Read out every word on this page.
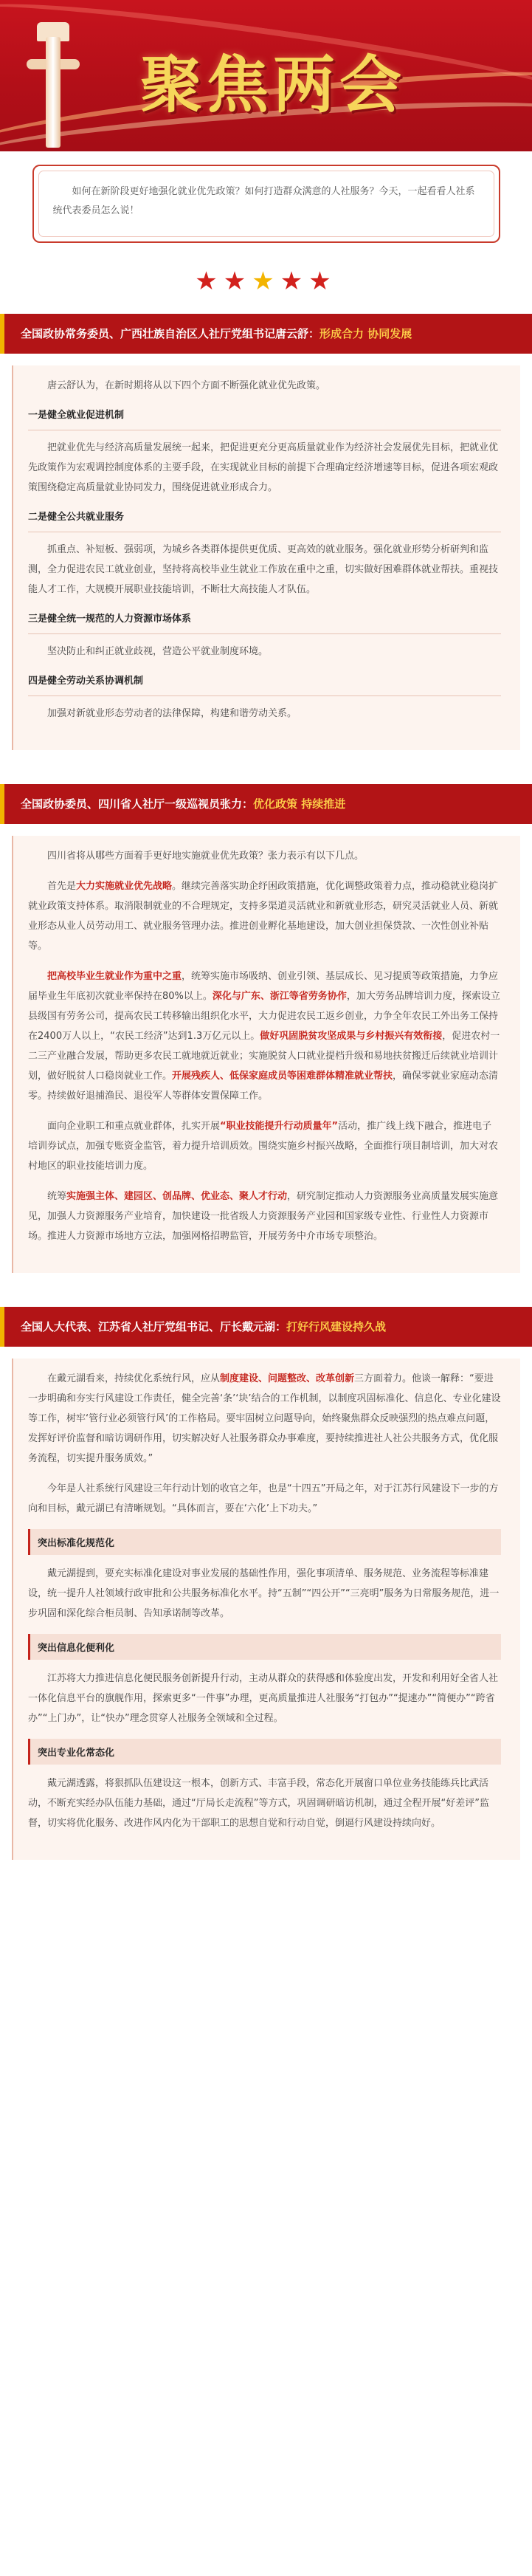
聚焦两会

如何在新阶段更好地强化就业优先政策？如何打造群众满意的人社服务？今天，一起看看人社系统代表委员怎么说！

★★★★★
全国政协常务委员、广西壮族自治区人社厅党组书记唐云舒：形成合力 协同发展

唐云舒认为，在新时期将从以下四个方面不断强化就业优先政策。

一是健全就业促进机制

把就业优先与经济高质量发展统一起来，把促进更充分更高质量就业作为经济社会发展优先目标，把就业优先政策作为宏观调控制度体系的主要手段，在实现就业目标的前提下合理确定经济增速等目标，促进各项宏观政策围绕稳定高质量就业协同发力，围绕促进就业形成合力。

二是健全公共就业服务

抓重点、补短板、强弱项，为城乡各类群体提供更优质、更高效的就业服务。强化就业形势分析研判和监测，全力促进农民工就业创业，坚持将高校毕业生就业工作放在重中之重，切实做好困难群体就业帮扶。重视技能人才工作，大规模开展职业技能培训，不断壮大高技能人才队伍。

三是健全统一规范的人力资源市场体系

坚决防止和纠正就业歧视，营造公平就业制度环境。

四是健全劳动关系协调机制

加强对新就业形态劳动者的法律保障，构建和谐劳动关系。

全国政协委员、四川省人社厅一级巡视员张力：优化政策 持续推进

四川省将从哪些方面着手更好地实施就业优先政策？张力表示有以下几点。

首先是大力实施就业优先战略。继续完善落实助企纾困政策措施，优化调整政策着力点，推动稳就业稳岗扩就业政策支持体系。取消限制就业的不合理规定，支持多渠道灵活就业和新就业形态，研究灵活就业人员、新就业形态从业人员劳动用工、就业服务管理办法。推进创业孵化基地建设，加大创业担保贷款、一次性创业补贴等。

把高校毕业生就业作为重中之重，统筹实施市场吸纳、创业引领、基层成长、见习提质等政策措施，力争应届毕业生年底初次就业率保持在80%以上。深化与广东、浙江等省劳务协作，加大劳务品牌培训力度，探索设立县级国有劳务公司，提高农民工转移输出组织化水平，大力促进农民工返乡创业，力争全年农民工外出务工保持在2400万人以上，“农民工经济”达到1.3万亿元以上。做好巩固脱贫攻坚成果与乡村振兴有效衔接，促进农村一二三产业融合发展，帮助更多农民工就地就近就业；实施脱贫人口就业提档升级和易地扶贫搬迁后续就业培训计划，做好脱贫人口稳岗就业工作。开展残疾人、低保家庭成员等困难群体精准就业帮扶，确保零就业家庭动态清零。持续做好退捕渔民、退役军人等群体安置保障工作。

面向企业职工和重点就业群体，扎实开展“职业技能提升行动质量年”活动，推广线上线下融合，推进电子培训券试点，加强专账资金监管，着力提升培训质效。围绕实施乡村振兴战略，全面推行项目制培训，加大对农村地区的职业技能培训力度。

统筹实施强主体、建园区、创品牌、优业态、聚人才行动，研究制定推动人力资源服务业高质量发展实施意见，加强人力资源服务产业培育，加快建设一批省级人力资源服务产业园和国家级专业性、行业性人力资源市场。推进人力资源市场地方立法，加强网格招聘监管，开展劳务中介市场专项整治。

全国人大代表、江苏省人社厅党组书记、厅长戴元湖：打好行风建设持久战

在戴元湖看来，持续优化系统行风，应从制度建设、问题整改、改革创新三方面着力。他谈一解释：“要进一步明确和夯实行风建设工作责任，健全完善‘条’‘块’结合的工作机制，以制度巩固标准化、信息化、专业化建设等工作，树牢‘管行业必须管行风’的工作格局。要牢固树立问题导向，始终聚焦群众反映强烈的热点难点问题，发挥好评价监督和暗访调研作用，切实解决好人社服务群众办事难度，要持续推进社人社公共服务方式，优化服务流程，切实提升服务质效。”

今年是人社系统行风建设三年行动计划的收官之年，也是“十四五”开局之年，对于江苏行风建设下一步的方向和目标，戴元湖已有清晰规划。“具体而言，要在‘六化’上下功夫。”

突出标准化规范化

戴元湖提到，要充实标准化建设对事业发展的基础性作用，强化事项清单、服务规范、业务流程等标准建设，统一提升人社领域行政审批和公共服务标准化水平。持“五制”“四公开”“三亮明”服务为日常服务规范，进一步巩固和深化综合柜员制、告知承诺制等改革。

突出信息化便利化

江苏将大力推进信息化便民服务创新提升行动，主动从群众的获得感和体验度出发，开发和利用好全省人社一体化信息平台的旗舰作用，探索更多“一件事”办理，更高质量推进人社服务“打包办”“提速办”“简便办”“跨省办”“上门办”，让“快办”理念贯穿人社服务全领域和全过程。

突出专业化常态化

戴元湖透露，将狠抓队伍建设这一根本，创新方式、丰富手段，常态化开展窗口单位业务技能练兵比武活动，不断充实经办队伍能力基础，通过“厅局长走流程”等方式，巩固调研暗访机制，通过全程开展“好差评”监督，切实将优化服务、改进作风内化为干部职工的思想自觉和行动自觉，倒逼行风建设持续向好。
